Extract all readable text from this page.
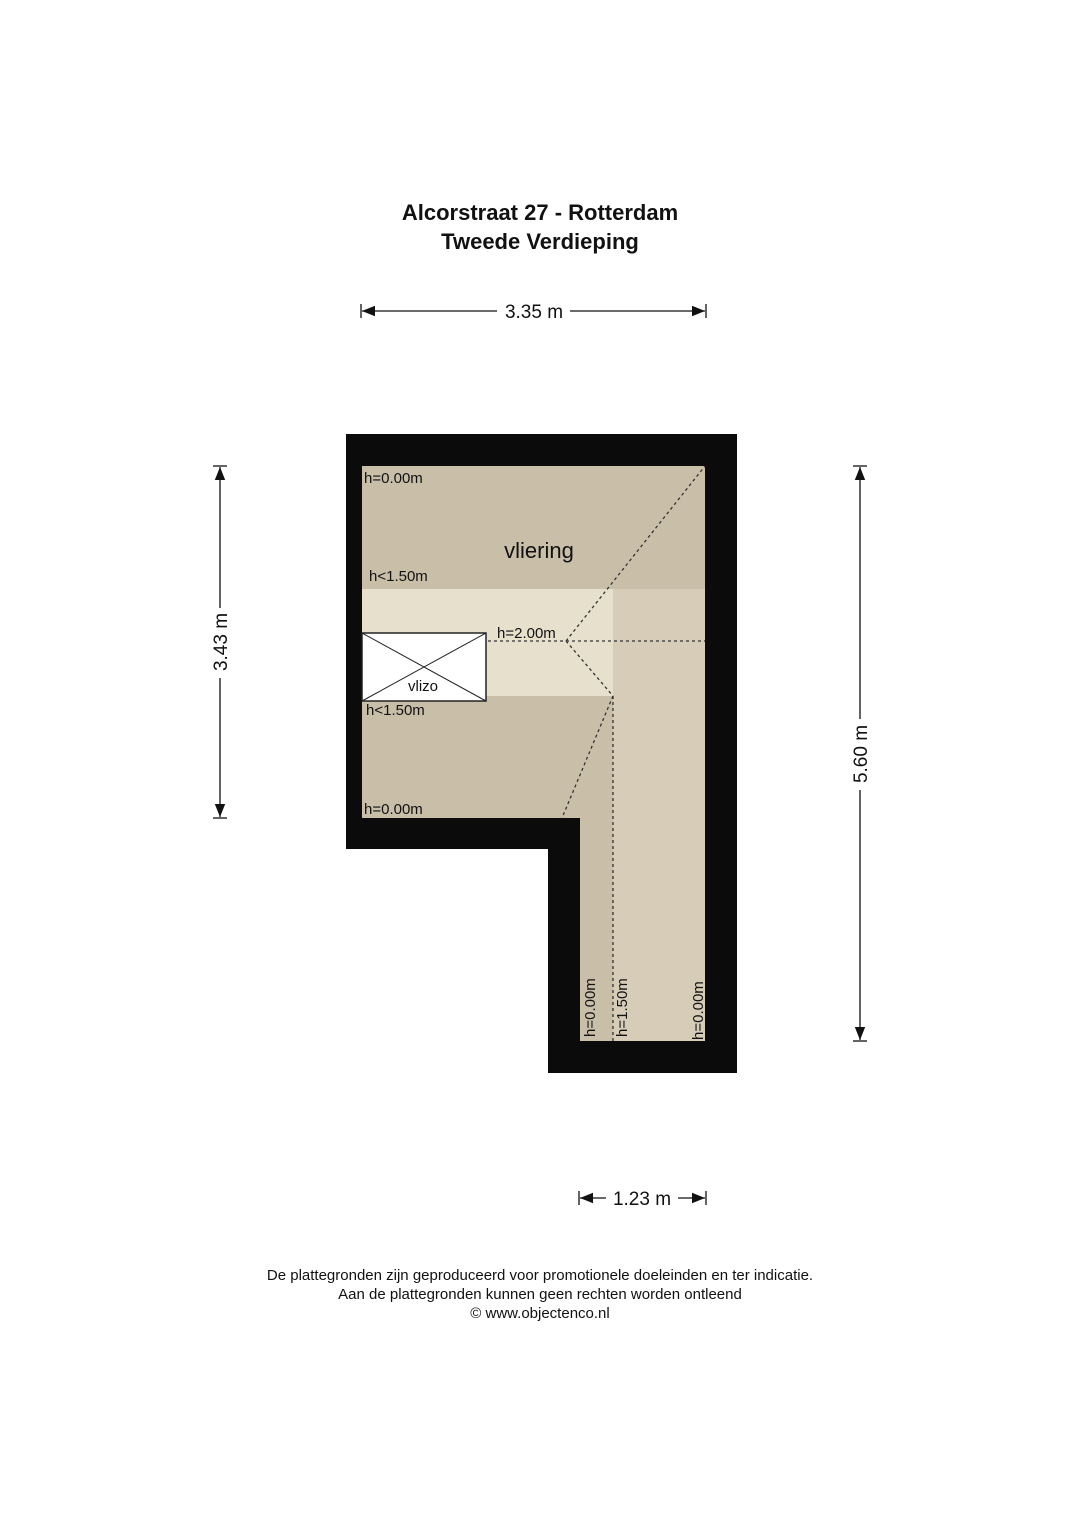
Alcorstraat 27 - Rotterdam
Tweede Verdieping
vliering
vlizo
h=0.00m
h<1.50m
h=2.00m
h<1.50m
h=0.00m
h=0.00m h=1.50m	h=0.00m
3.35 m
3.43 m
5.60 m
1.23 m
De plattegronden zijn geproduceerd voor promotionele doeleinden en ter indicatie.
Aan de plattegronden kunnen geen rechten worden ontleend
© www.objectenco.nl
